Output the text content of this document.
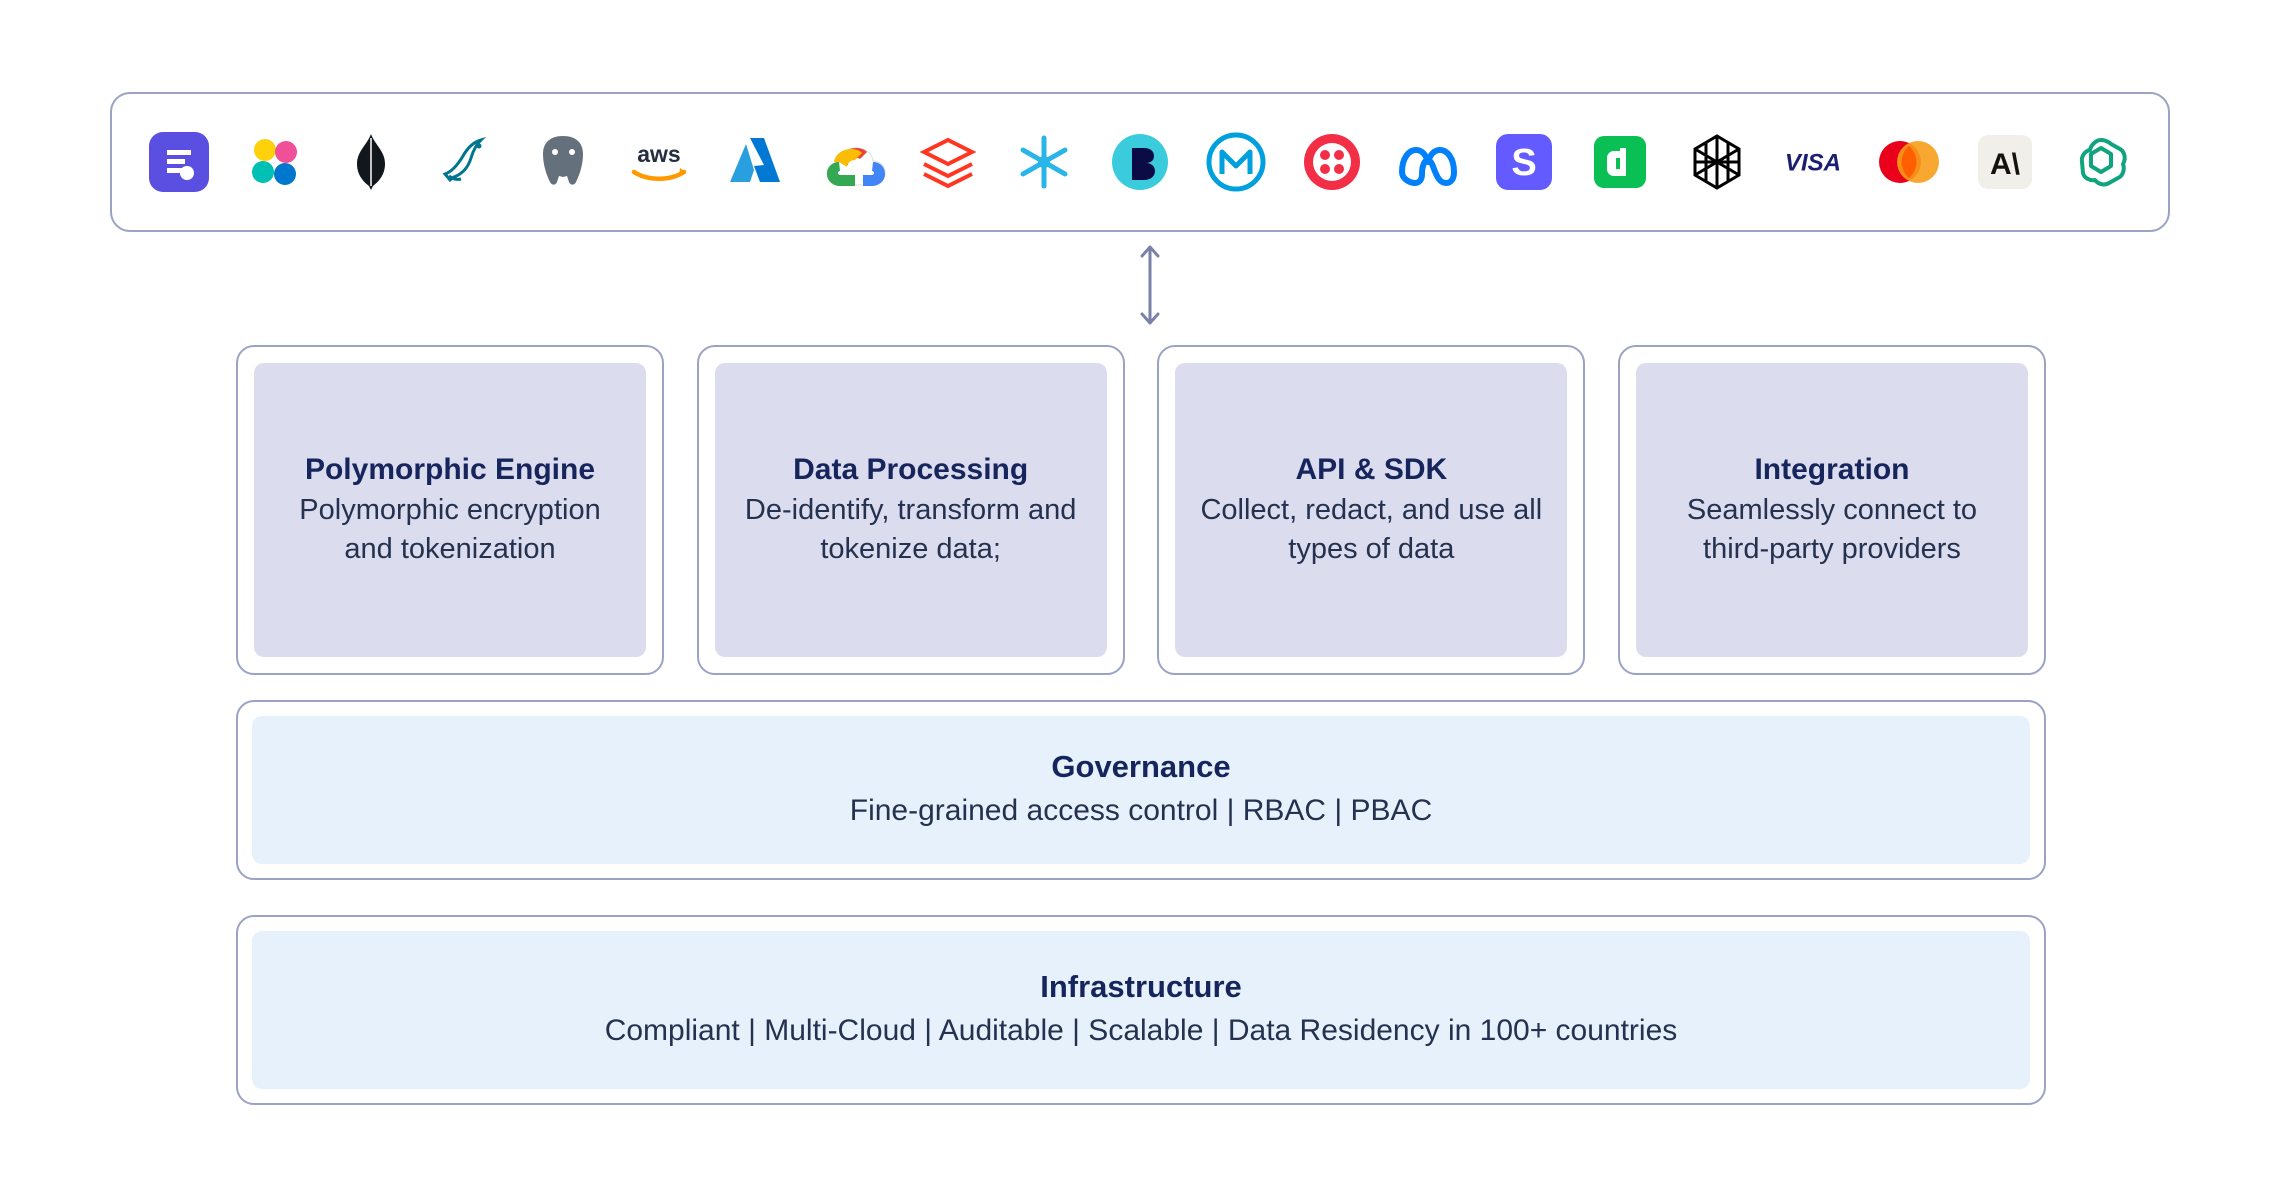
aws	S	VISA	A\
Polymorphic Engine
Polymorphic encryption and tokenization
Data Processing
De-identify, transform and tokenize data;
API & SDK
Collect, redact, and use all types of data
Integration
Seamlessly connect to third-party providers
Governance
Fine-grained access control | RBAC | PBAC
Infrastructure
Compliant | Multi-Cloud | Auditable | Scalable | Data Residency in 100+ countries
